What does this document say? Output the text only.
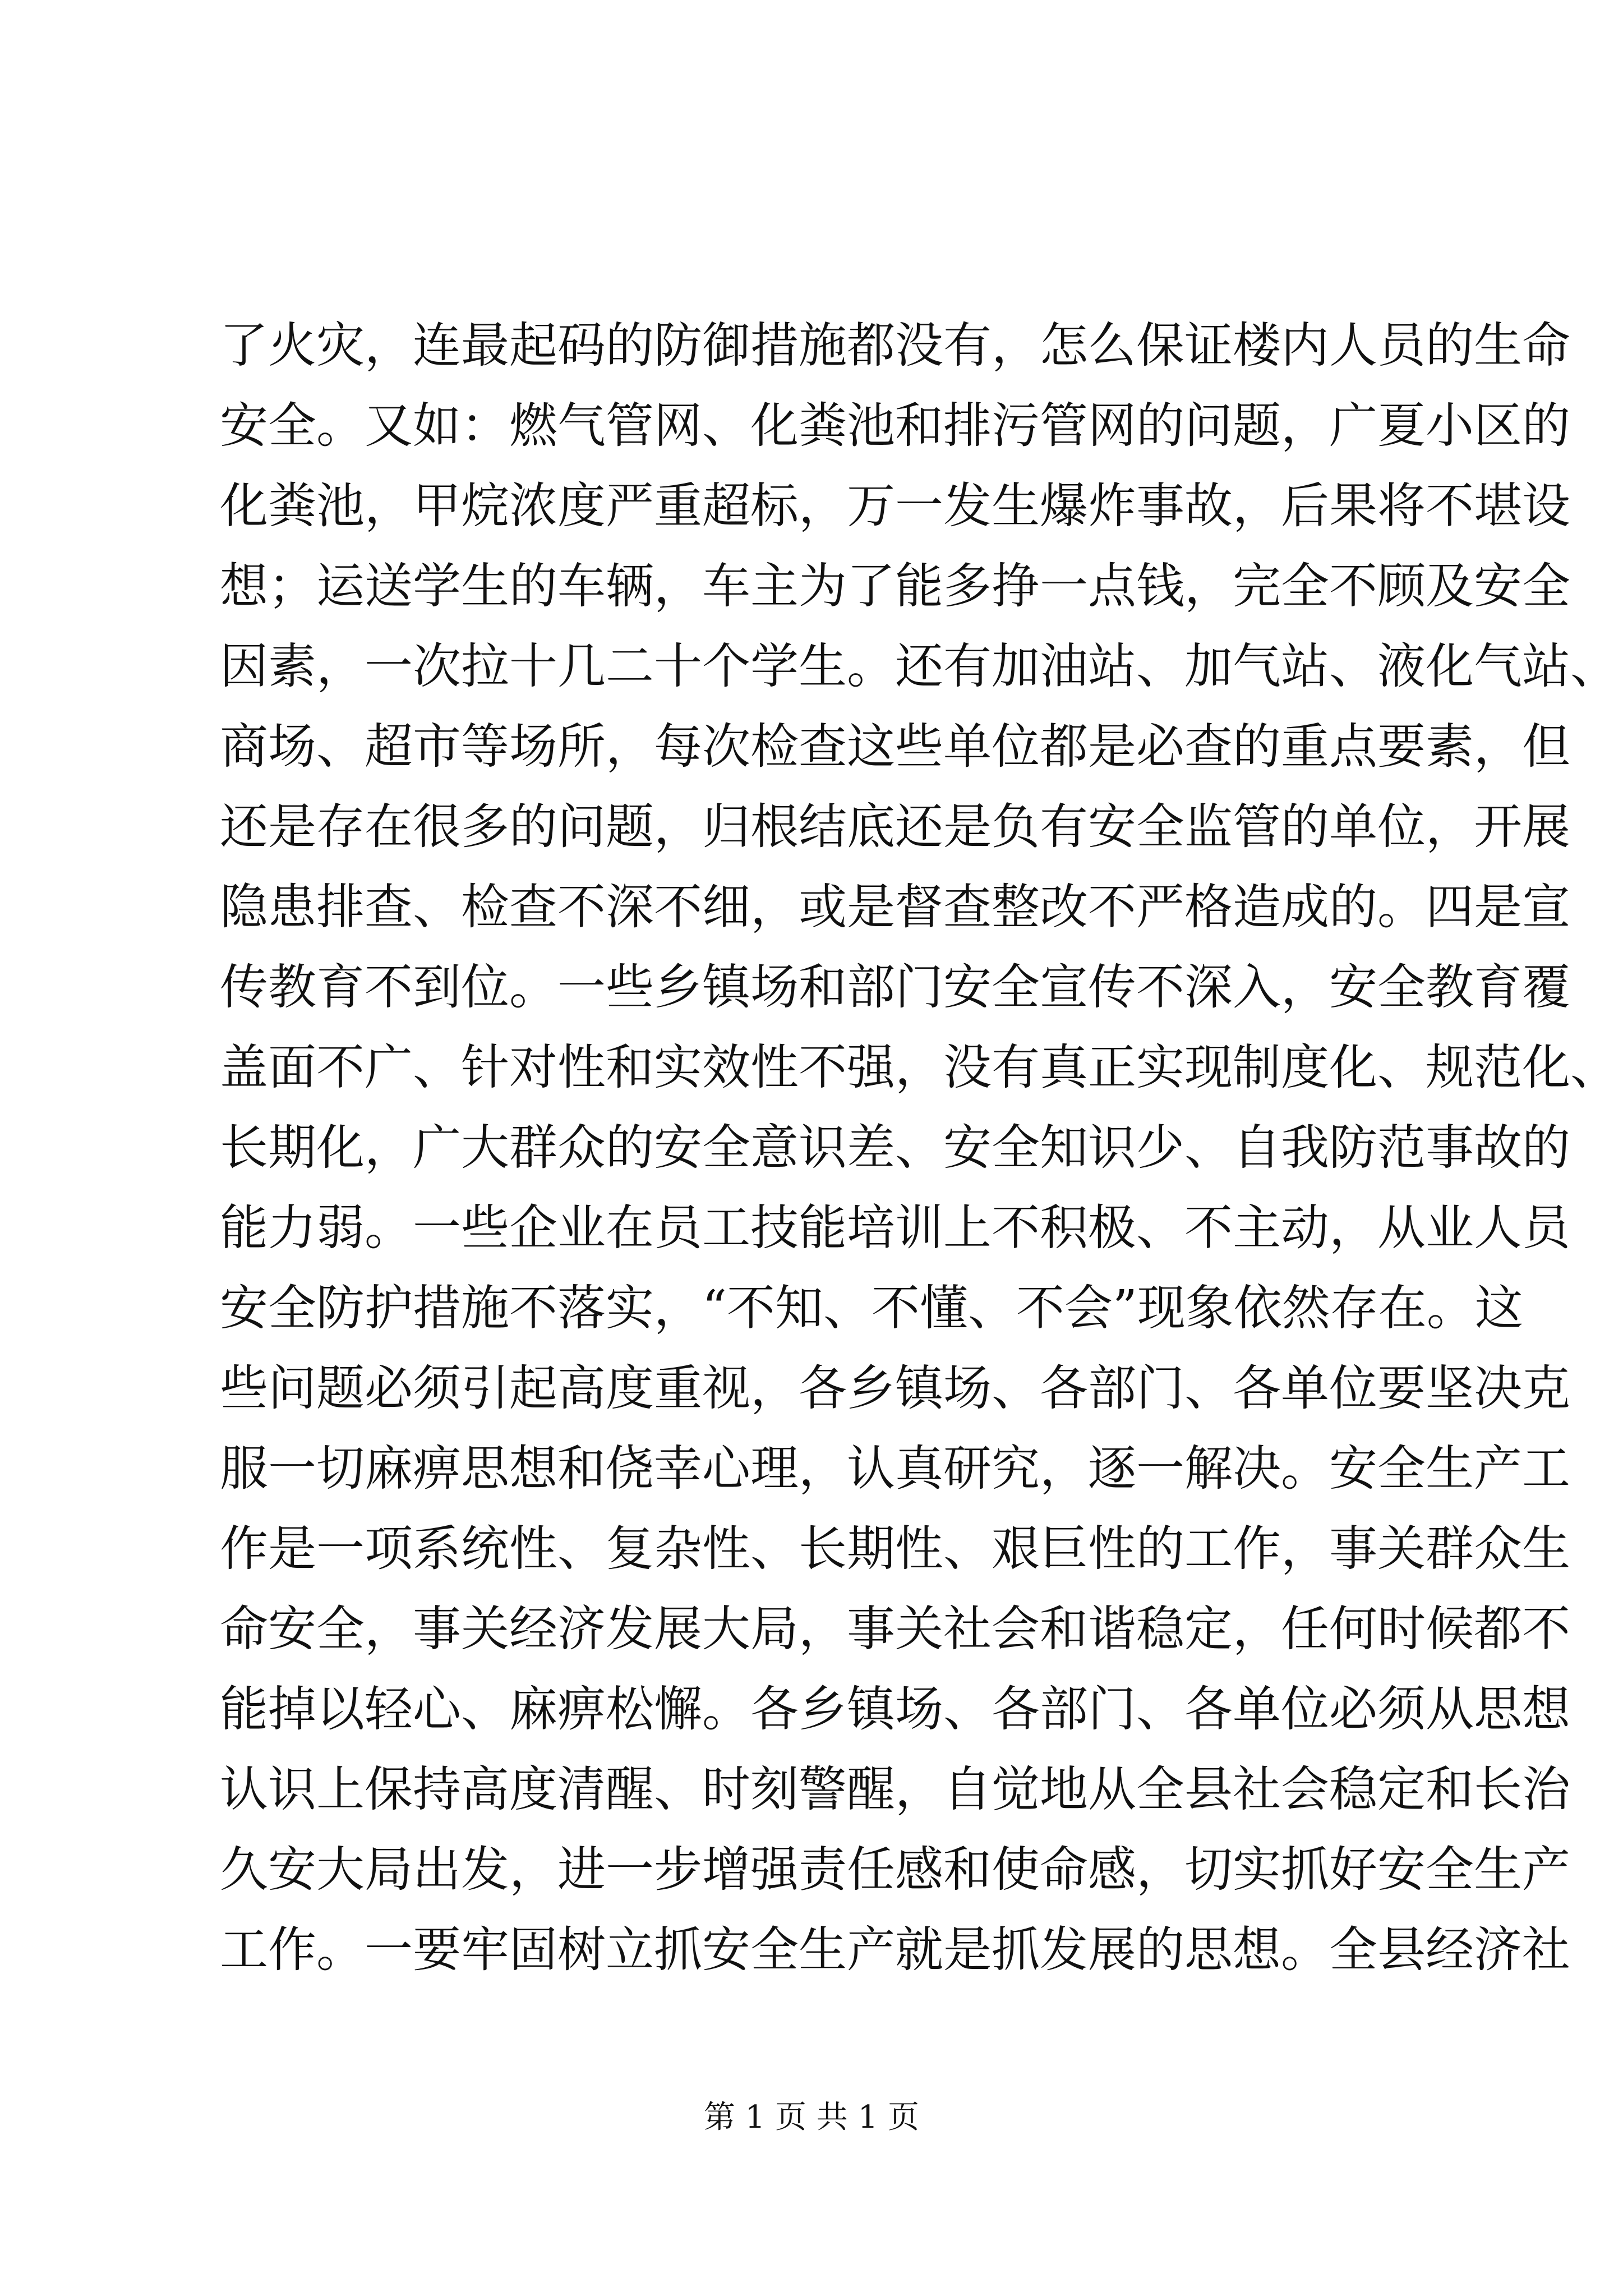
了火灾，连最起码的防御措施都没有，怎么保证楼内人员的生命
安全。又如：燃气管网、化粪池和排污管网的问题，广夏小区的
化粪池，甲烷浓度严重超标，万一发生爆炸事故，后果将不堪设
想；运送学生的车辆，车主为了能多挣一点钱，完全不顾及安全
因素，一次拉十几二十个学生。还有加油站、加气站、液化气站、
商场、超市等场所，每次检查这些单位都是必查的重点要素，但
还是存在很多的问题，归根结底还是负有安全监管的单位，开展
隐患排查、检查不深不细，或是督查整改不严格造成的。四是宣
传教育不到位。一些乡镇场和部门安全宣传不深入，安全教育覆
盖面不广、针对性和实效性不强，没有真正实现制度化、规范化、
长期化，广大群众的安全意识差、安全知识少、自我防范事故的
能力弱。一些企业在员工技能培训上不积极、不主动，从业人员
安全防护措施不落实，“不知、不懂、不会”现象依然存在。这
些问题必须引起高度重视，各乡镇场、各部门、各单位要坚决克
服一切麻痹思想和侥幸心理，认真研究，逐一解决。安全生产工
作是一项系统性、复杂性、长期性、艰巨性的工作，事关群众生
命安全，事关经济发展大局，事关社会和谐稳定，任何时候都不
能掉以轻心、麻痹松懈。各乡镇场、各部门、各单位必须从思想
认识上保持高度清醒、时刻警醒，自觉地从全县社会稳定和长治
久安大局出发，进一步增强责任感和使命感，切实抓好安全生产
工作。一要牢固树立抓安全生产就是抓发展的思想。全县经济社
第 1 页 共 1 页
